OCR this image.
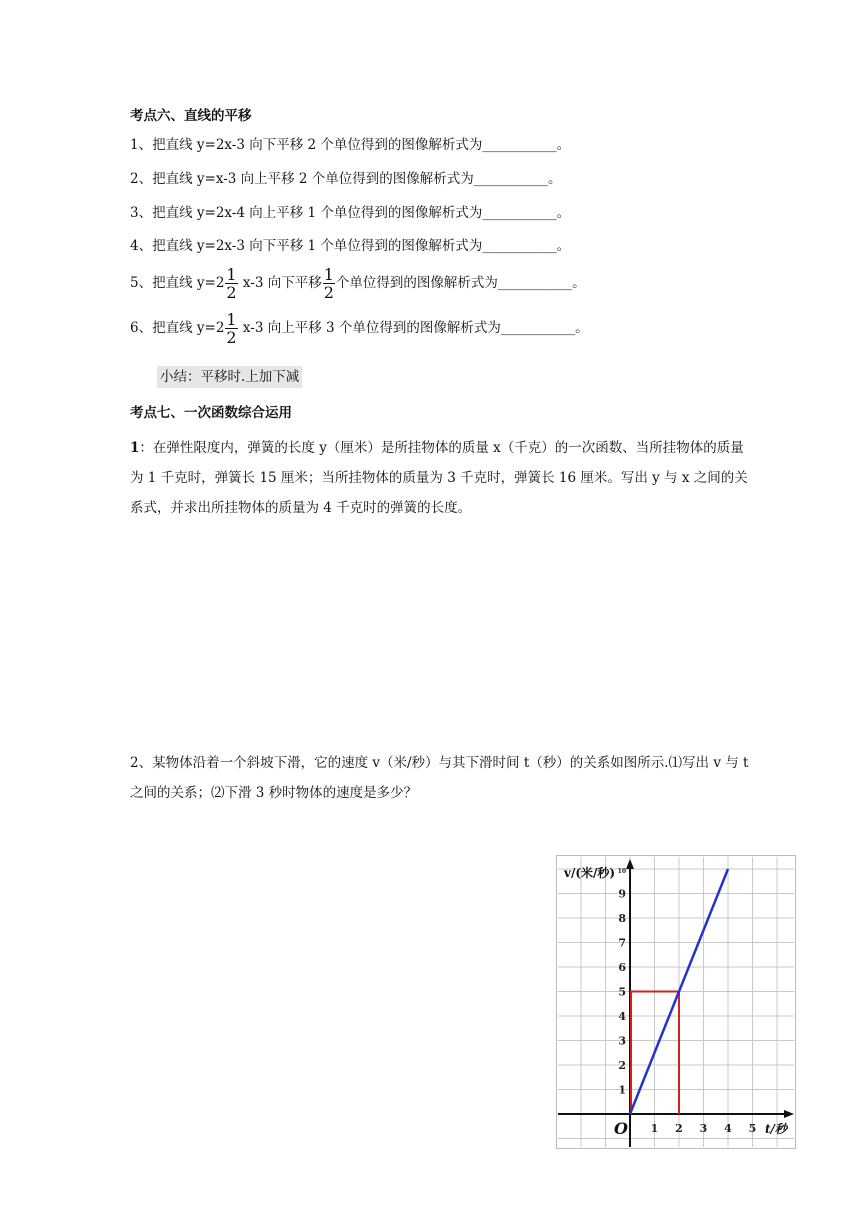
考点六、直线的平移
1、把直线 y=2x-3 向下平移 2 个单位得到的图像解析式为___________。
2、把直线 y=x-3 向上平移 2 个单位得到的图像解析式为___________。
3、把直线 y=2x-4 向上平移 1 个单位得到的图像解析式为___________。
4、把直线 y=2x-3 向下平移 1 个单位得到的图像解析式为___________。
5、把直线 $y=2 \frac{1}{2} x-3$ 向下平移 $\frac{1}{2}$ 个单位得到的图像解析式为___________。
6、把直线 $y=2 \frac{1}{2} x-3$ 向上平移 3 个单位得到的图像解析式为___________。
小结：平移时.上加下减
考点七、一次函数综合运用
1：在弹性限度内，弹簧的长度 y（厘米）是所挂物体的质量 x（千克）的一次函数、当所挂物体的质量为 1 千克时，弹簧长 15 厘米；当所挂物体的质量为 3 千克时，弹簧长 16 厘米。写出 y 与 x 之间的关系式，并求出所挂物体的质量为 4 千克时的弹簧的长度。
2、某物体沿着一个斜坡下滑，它的速度 v（米/秒）与其下滑时间 t（秒）的关系如图所示.⑴写出 v 与 t 之间的关系；⑵下滑 3 秒时物体的速度是多少？
1 2 3 4 5
1
2
3
4
5
6
7
8
9
10
O
v/(米/秒)
t/秒
